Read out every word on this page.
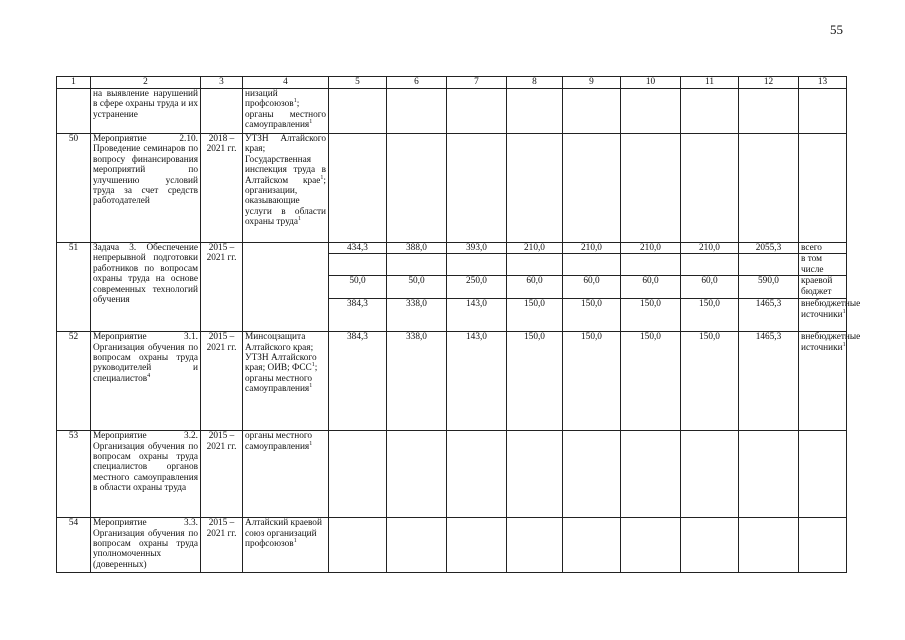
55
1	2	3	4	5	6	7	8	9	10	11	12	13
	на выявление нарушений в сфере охраны труда и их устранение		низаций профсоюзов$^1$; органы местного самоуправления$^1$									
50	Мероприятие 2.10. Проведение семинаров по вопросу финансирования мероприятий по улучшению условий труда за счет средств работодателей	2018 – 2021 гг.	УТЗН Алтайского края; Государственная инспекция труда в Алтайском крае$^1$; организации, оказывающие услуги в области охраны труда$^1$									
51	Задача 3. Обеспечение непрерывной подготовки работников по вопросам охраны труда на основе современных технологий обучения	2015 – 2021 гг.		434,3	388,0	393,0	210,0	210,0	210,0	210,0	2055,3	всего
												в том числе
				50,0	50,0	250,0	60,0	60,0	60,0	60,0	590,0	краевой бюджет
				384,3	338,0	143,0	150,0	150,0	150,0	150,0	1465,3	внебюджетные источники$^1$
52	Мероприятие 3.1. Организация обучения по вопросам охраны труда руководителей и специалистов$^4$	2015 – 2021 гг.	Минсоцзащита Алтайского края; УТЗН Алтайского края; ОИВ; ФСС$^1$; органы местного самоуправления$^1$	384,3	338,0	143,0	150,0	150,0	150,0	150,0	1465,3	внебюджетные источники$^1$
53	Мероприятие 3.2. Организация обучения по вопросам охраны труда специалистов органов местного самоуправления в области охраны труда	2015 – 2021 гг.	органы местного самоуправления$^1$									
54	Мероприятие 3.3. Организация обучения по вопросам охраны труда уполномоченных (доверенных)	2015 – 2021 гг.	Алтайский краевой союз организаций профсоюзов$^1$									
